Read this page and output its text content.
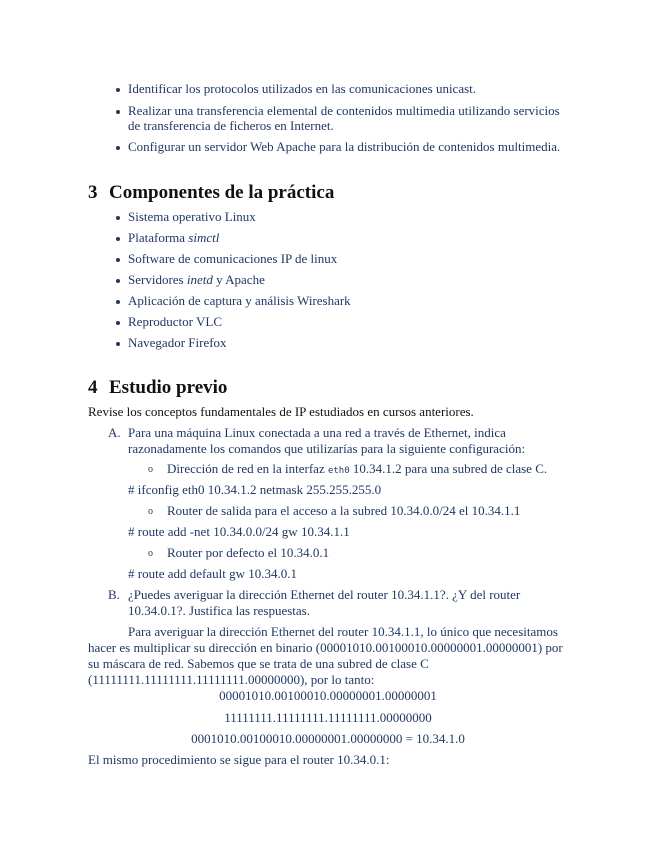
Identificar los protocolos utilizados en las comunicaciones unicast.
Realizar una transferencia elemental de contenidos multimedia utilizando servicios
de transferencia de ficheros en Internet.
Configurar un servidor Web Apache para la distribución de contenidos multimedia.
3 Componentes de la práctica
Sistema operativo Linux
Plataforma simctl
Software de comunicaciones IP de linux
Servidores inetd y Apache
Aplicación de captura y análisis Wireshark
Reproductor VLC
Navegador Firefox
4 Estudio previo
Revise los conceptos fundamentales de IP estudiados en cursos anteriores.
A. Para una máquina Linux conectada a una red a través de Ethernet, indica
razonadamente los comandos que utilizarías para la siguiente configuración:
o Dirección de red en la interfaz eth0 10.34.1.2 para una subred de clase C.
# ifconfig eth0 10.34.1.2 netmask 255.255.255.0
o Router de salida para el acceso a la subred 10.34.0.0/24 el 10.34.1.1
# route add -net 10.34.0.0/24 gw 10.34.1.1
o Router por defecto el 10.34.0.1
# route add default gw 10.34.0.1
B. ¿Puedes averiguar la dirección Ethernet del router 10.34.1.1?. ¿Y del router
10.34.0.1?. Justifica las respuestas.
Para averiguar la dirección Ethernet del router 10.34.1.1, lo único que necesitamos
hacer es multiplicar su dirección en binario (00001010.00100010.00000001.00000001) por
su máscara de red. Sabemos que se trata de una subred de clase C
(11111111.11111111.11111111.00000000), por lo tanto:
00001010.00100010.00000001.00000001
11111111.11111111.11111111.00000000
0001010.00100010.00000001.00000000 = 10.34.1.0
El mismo procedimiento se sigue para el router 10.34.0.1:
